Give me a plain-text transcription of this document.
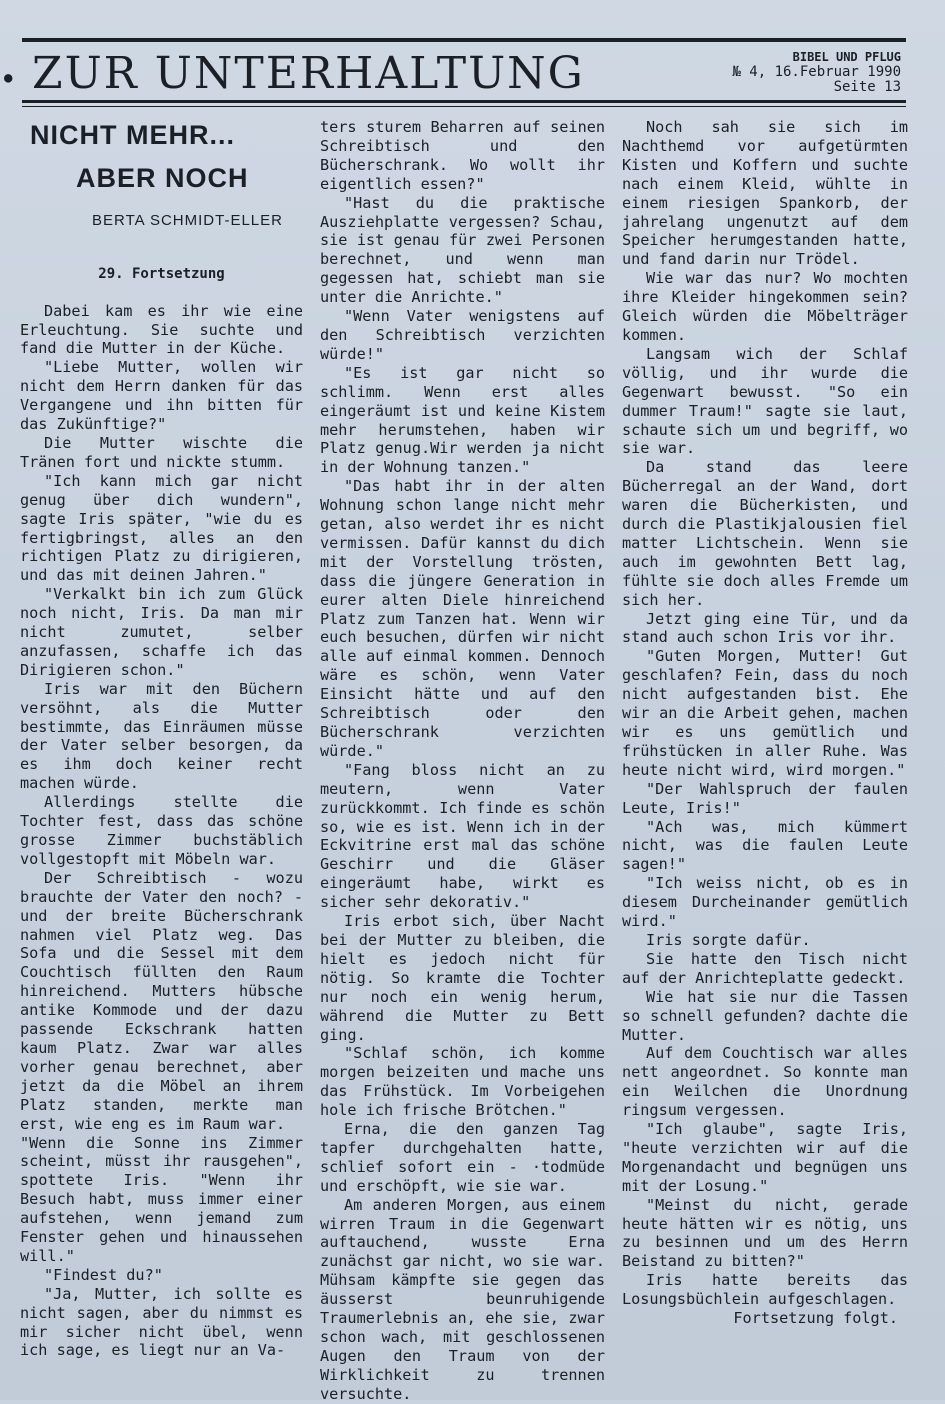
● ZUR UNTERHALTUNG	BIBEL UND PFLUG
№ 4, 16.Februar 1990
Seite 13
NICHT MEHR...
ABER NOCH
BERTA SCHMIDT-ELLER
29. Fortsetzung

Dabei kam es ihr wie eine Erleuchtung. Sie suchte und fand die Mutter in der Küche.

"Liebe Mutter, wollen wir nicht dem Herrn danken für das Vergangene und ihn bitten für das Zukünftige?"

Die Mutter wischte die Tränen fort und nickte stumm.

"Ich kann mich gar nicht genug über dich wundern", sagte Iris später, "wie du es fertigbringst, alles an den richtigen Platz zu dirigieren, und das mit deinen Jahren."

"Verkalkt bin ich zum Glück noch nicht, Iris. Da man mir nicht zumutet, selber anzufassen, schaffe ich das Dirigieren schon."

Iris war mit den Büchern versöhnt, als die Mutter bestimmte, das Einräumen müsse der Vater selber besorgen, da es ihm doch keiner recht machen würde.

Allerdings stellte die Tochter fest, dass das schöne grosse Zimmer buchstäblich vollgestopft mit Möbeln war.

Der Schreibtisch - wozu brauchte der Vater den noch? - und der breite Bücherschrank nahmen viel Platz weg. Das Sofa und die Sessel mit dem Couchtisch füllten den Raum hinreichend. Mutters hübsche antike Kommode und der dazu passende Eckschrank hatten kaum Platz. Zwar war alles vorher genau berechnet, aber jetzt da die Möbel an ihrem Platz standen, merkte man erst, wie eng es im Raum war.

"Wenn die Sonne ins Zimmer scheint, müsst ihr rausgehen", spottete Iris. "Wenn ihr Besuch habt, muss immer einer aufstehen, wenn jemand zum Fenster gehen und hinaussehen will."

"Findest du?"

"Ja, Mutter, ich sollte es nicht sagen, aber du nimmst es mir sicher nicht übel, wenn ich sage, es liegt nur an Va-

ters sturem Beharren auf seinen Schreibtisch und den Bücherschrank. Wo wollt ihr eigentlich essen?"

"Hast du die praktische Ausziehplatte vergessen? Schau, sie ist genau für zwei Personen berechnet, und wenn man gegessen hat, schiebt man sie unter die Anrichte."

"Wenn Vater wenigstens auf den Schreibtisch verzichten würde!"

"Es ist gar nicht so schlimm. Wenn erst alles eingeräumt ist und keine Kistem mehr herumstehen, haben wir Platz genug.Wir werden ja nicht in der Wohnung tanzen."

"Das habt ihr in der alten Wohnung schon lange nicht mehr getan, also werdet ihr es nicht vermissen. Dafür kannst du dich mit der Vorstellung trösten, dass die jüngere Generation in eurer alten Diele hinreichend Platz zum Tanzen hat. Wenn wir euch besuchen, dürfen wir nicht alle auf einmal kommen. Dennoch wäre es schön, wenn Vater Einsicht hätte und auf den Schreibtisch oder den Bücherschrank verzichten würde."

"Fang bloss nicht an zu meutern, wenn Vater zurückkommt. Ich finde es schön so, wie es ist. Wenn ich in der Eckvitrine erst mal das schöne Geschirr und die Gläser eingeräumt habe, wirkt es sicher sehr dekorativ."

Iris erbot sich, über Nacht bei der Mutter zu bleiben, die hielt es jedoch nicht für nötig. So kramte die Tochter nur noch ein wenig herum, während die Mutter zu Bett ging.

"Schlaf schön, ich komme morgen beizeiten und mache uns das Frühstück. Im Vorbeigehen hole ich frische Brötchen."

Erna, die den ganzen Tag tapfer durchgehalten hatte, schlief sofort ein - ·todmüde und erschöpft, wie sie war.

Am anderen Morgen, aus einem wirren Traum in die Gegenwart auftauchend, wusste Erna zunächst gar nicht, wo sie war. Mühsam kämpfte sie gegen das äusserst beunruhigende Traumerlebnis an, ehe sie, zwar schon wach, mit geschlossenen Augen den Traum von der Wirklichkeit zu trennen versuchte.

Noch sah sie sich im Nachthemd vor aufgetürmten Kisten und Koffern und suchte nach einem Kleid, wühlte in einem riesigen Spankorb, der jahrelang ungenutzt auf dem Speicher herumgestanden hatte, und fand darin nur Trödel.

Wie war das nur? Wo mochten ihre Kleider hingekommen sein? Gleich würden die Möbelträger kommen.

Langsam wich der Schlaf völlig, und ihr wurde die Gegenwart bewusst. "So ein dummer Traum!" sagte sie laut, schaute sich um und begriff, wo sie war.

Da stand das leere Bücherregal an der Wand, dort waren die Bücherkisten, und durch die Plastikjalousien fiel matter Lichtschein. Wenn sie auch im gewohnten Bett lag, fühlte sie doch alles Fremde um sich her.

Jetzt ging eine Tür, und da stand auch schon Iris vor ihr.

"Guten Morgen, Mutter! Gut geschlafen? Fein, dass du noch nicht aufgestanden bist. Ehe wir an die Arbeit gehen, machen wir es uns gemütlich und frühstücken in aller Ruhe. Was heute nicht wird, wird morgen."

"Der Wahlspruch der faulen Leute, Iris!"

"Ach was, mich kümmert nicht, was die faulen Leute sagen!"

"Ich weiss nicht, ob es in diesem Durcheinander gemütlich wird."

Iris sorgte dafür.

Sie hatte den Tisch nicht auf der Anrichteplatte gedeckt.

Wie hat sie nur die Tassen so schnell gefunden? dachte die Mutter.

Auf dem Couchtisch war alles nett angeordnet. So konnte man ein Weilchen die Unordnung ringsum vergessen.

"Ich glaube", sagte Iris, "heute verzichten wir auf die Morgenandacht und begnügen uns mit der Losung."

"Meinst du nicht, gerade heute hätten wir es nötig, uns zu besinnen und um des Herrn Beistand zu bitten?"

Iris hatte bereits das Losungsbüchlein aufgeschlagen.

Fortsetzung folgt.
